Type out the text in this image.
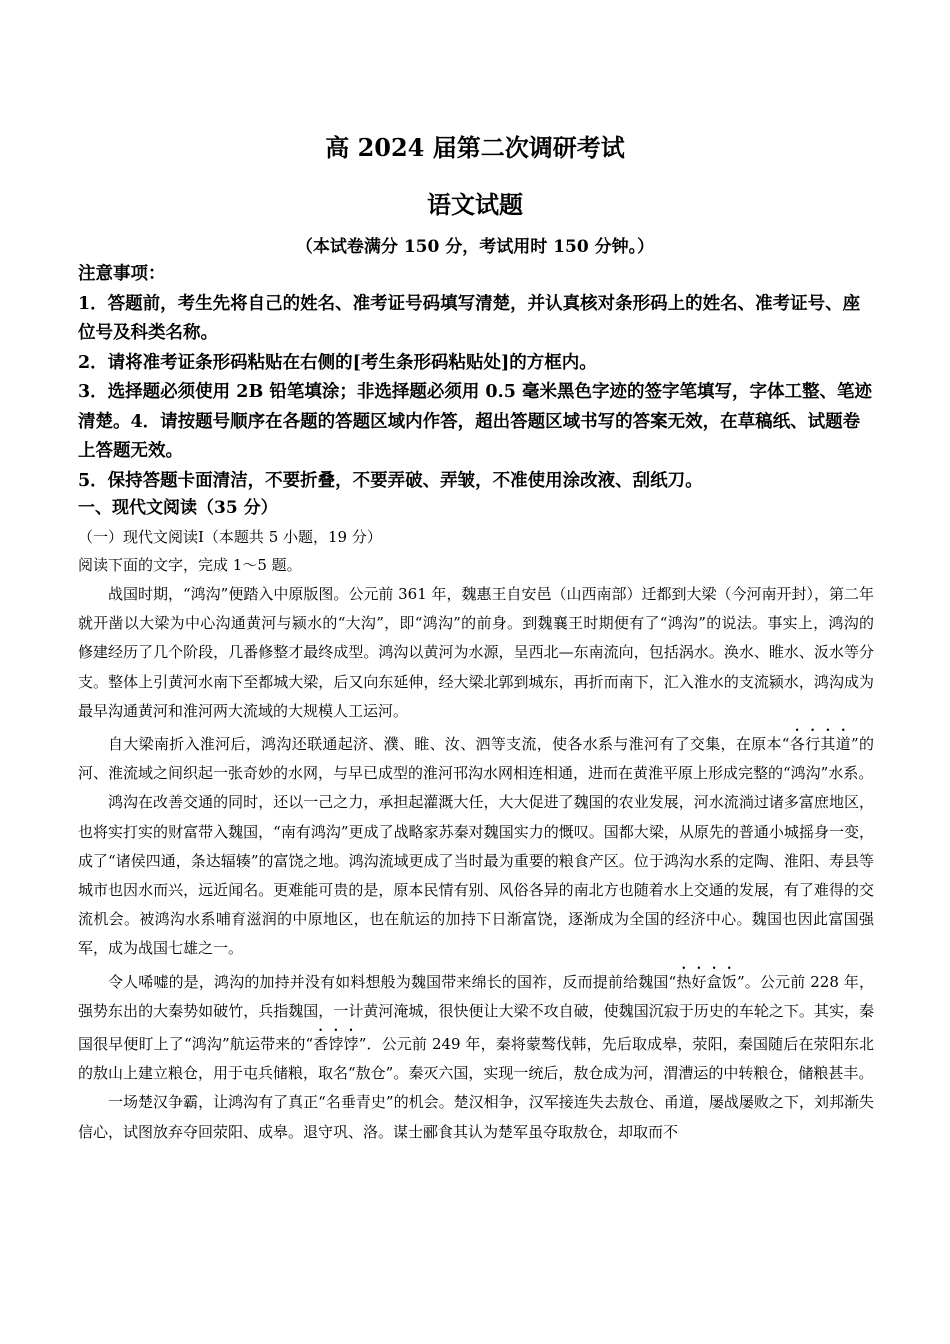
高 2024 届第二次调研考试
语文试题
（本试卷满分 150 分，考试用时 150 分钟。）

注意事项：

1．答题前，考生先将自己的姓名、准考证号码填写清楚，并认真核对条形码上的姓名、准考证号、座位号及科类名称。

2．请将准考证条形码粘贴在右侧的[考生条形码粘贴处]的方框内。

3．选择题必须使用 2B 铅笔填涂；非选择题必须用 0.5 毫米黑色字迹的签字笔填写，字体工整、笔迹清楚。4．请按题号顺序在各题的答题区域内作答，超出答题区域书写的答案无效，在草稿纸、试题卷上答题无效。

5．保持答题卡面清洁，不要折叠，不要弄破、弄皱，不准使用涂改液、刮纸刀。

一、现代文阅读（35 分）
（一）现代文阅读Ⅰ（本题共 5 小题，19 分）
阅读下面的文字，完成 1～5 题。

战国时期，“鸿沟”便踏入中原版图。公元前 361 年，魏惠王自安邑（山西南部）迁都到大梁（今河南开封），第二年就开凿以大梁为中心沟通黄河与颍水的“大沟”，即“鸿沟”的前身。到魏襄王时期便有了“鸿沟”的说法。事实上，鸿沟的修建经历了几个阶段，几番修整才最终成型。鸿沟以黄河为水源，呈西北—东南流向，包括涡水。涣水、睢水、汳水等分支。整体上引黄河水南下至都城大梁，后又向东延伸，经大梁北郭到城东，再折而南下，汇入淮水的支流颍水，鸿沟成为最早沟通黄河和淮河两大流域的大规模人工运河。

自大梁南折入淮河后，鸿沟还联通起济、濮、睢、汝、泗等支流，使各水系与淮河有了交集，在原本“各行其道”的河、淮流域之间织起一张奇妙的水网，与早已成型的淮河邗沟水网相连相通，进而在黄淮平原上形成完整的“鸿沟”水系。

鸿沟在改善交通的同时，还以一己之力，承担起灌溉大任，大大促进了魏国的农业发展，河水流淌过诸多富庶地区，也将实打实的财富带入魏国，“南有鸿沟”更成了战略家苏秦对魏国实力的慨叹。国都大梁，从原先的普通小城摇身一变，成了“诸侯四通，条达辐辏”的富饶之地。鸿沟流域更成了当时最为重要的粮食产区。位于鸿沟水系的定陶、淮阳、寿县等城市也因水而兴，远近闻名。更难能可贵的是，原本民情有别、风俗各异的南北方也随着水上交通的发展，有了难得的交流机会。被鸿沟水系哺育滋润的中原地区，也在航运的加持下日渐富饶，逐渐成为全国的经济中心。魏国也因此富国强军，成为战国七雄之一。

令人唏嘘的是，鸿沟的加持并没有如料想般为魏国带来绵长的国祚，反而提前给魏国“热好盒饭”。公元前 228 年，强势东出的大秦势如破竹，兵指魏国，一计黄河淹城，很快便让大梁不攻自破，使魏国沉寂于历史的车轮之下。其实，秦国很早便盯上了“鸿沟”航运带来的“香饽饽”．公元前 249 年，秦将蒙骜伐韩，先后取成皋，荥阳，秦国随后在荥阳东北的敖山上建立粮仓，用于屯兵储粮，取名“敖仓”。秦灭六国，实现一统后，敖仓成为河，渭漕运的中转粮仓，储粮甚丰。

一场楚汉争霸，让鸿沟有了真正“名垂青史”的机会。楚汉相争，汉军接连失去敖仓、甬道，屡战屡败之下，刘邦渐失信心，试图放弃夺回荥阳、成皋。退守巩、洛。谋士郦食其认为楚军虽夺取敖仓，却取而不
